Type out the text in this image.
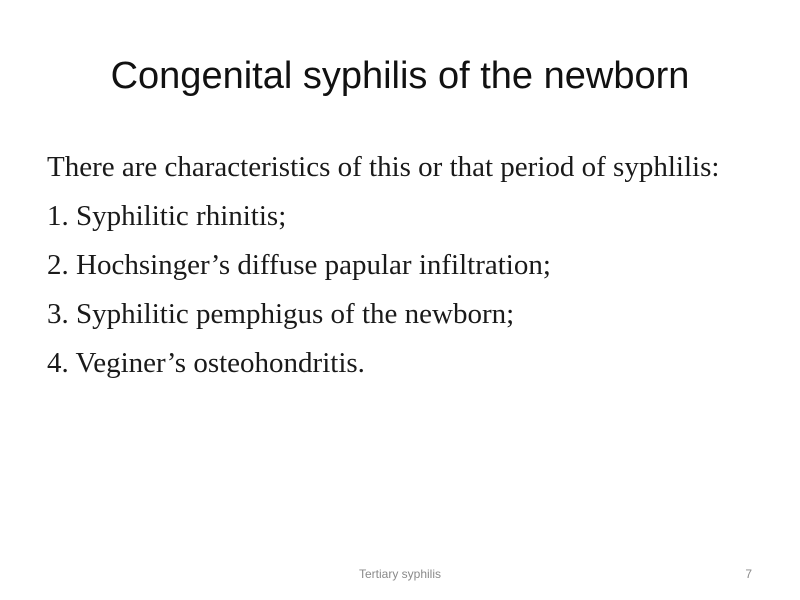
Congenital syphilis of the newborn

There are characteristics of this or that period of syphlilis:

1. Syphilitic rhinitis;

2. Hochsinger’s diffuse papular infiltration;

3. Syphilitic pemphigus of the newborn;

4. Veginer’s osteohondritis.

Tertiary syphilis	7
